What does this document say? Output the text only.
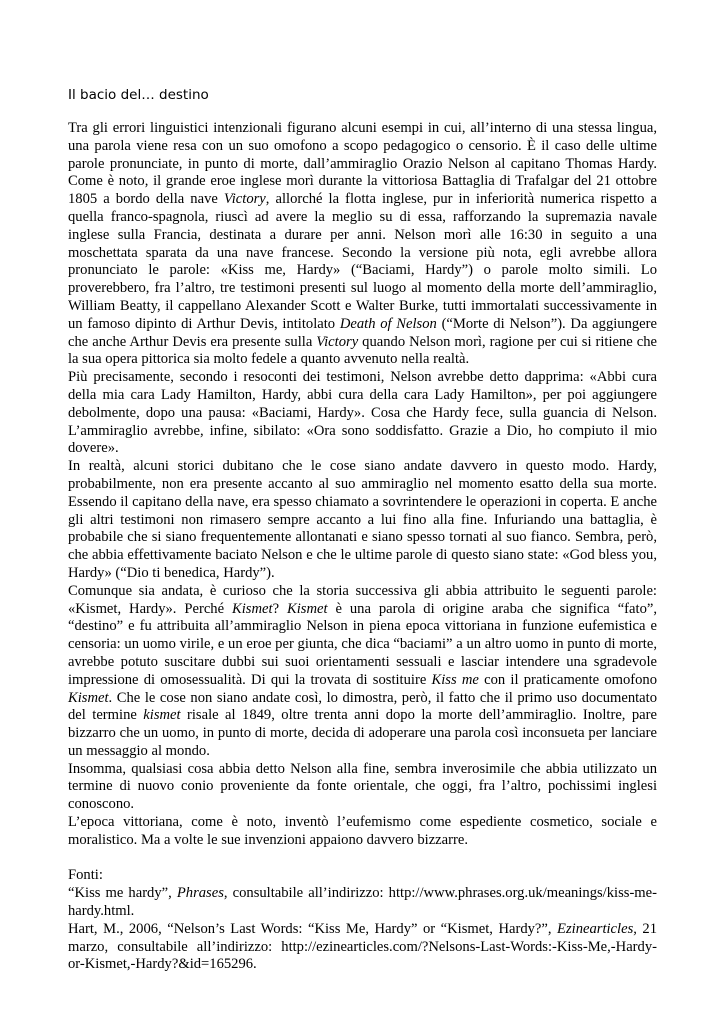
Il bacio del… destino

Tra gli errori linguistici intenzionali figurano alcuni esempi in cui, all’interno di una stessa lingua, una parola viene resa con un suo omofono a scopo pedagogico o censorio. È il caso delle ultime parole pronunciate, in punto di morte, dall’ammiraglio Orazio Nelson al capitano Thomas Hardy. Come è noto, il grande eroe inglese morì durante la vittoriosa Battaglia di Trafalgar del 21 ottobre 1805 a bordo della nave Victory, allorché la flotta inglese, pur in inferiorità numerica rispetto a quella franco-spagnola, riuscì ad avere la meglio su di essa, rafforzando la supremazia navale inglese sulla Francia, destinata a durare per anni. Nelson morì alle 16:30 in seguito a una moschettata sparata da una nave francese. Secondo la versione più nota, egli avrebbe allora pronunciato le parole: «Kiss me, Hardy» (“Baciami, Hardy”) o parole molto simili. Lo proverebbero, fra l’altro, tre testimoni presenti sul luogo al momento della morte dell’ammiraglio, William Beatty, il cappellano Alexander Scott e Walter Burke, tutti immortalati successivamente in un famoso dipinto di Arthur Devis, intitolato Death of Nelson (“Morte di Nelson”). Da aggiungere che anche Arthur Devis era presente sulla Victory quando Nelson morì, ragione per cui si ritiene che la sua opera pittorica sia molto fedele a quanto avvenuto nella realtà.

Più precisamente, secondo i resoconti dei testimoni, Nelson avrebbe detto dapprima: «Abbi cura della mia cara Lady Hamilton, Hardy, abbi cura della cara Lady Hamilton», per poi aggiungere debolmente, dopo una pausa: «Baciami, Hardy». Cosa che Hardy fece, sulla guancia di Nelson. L’ammiraglio avrebbe, infine, sibilato: «Ora sono soddisfatto. Grazie a Dio, ho compiuto il mio dovere».

In realtà, alcuni storici dubitano che le cose siano andate davvero in questo modo. Hardy, probabilmente, non era presente accanto al suo ammiraglio nel momento esatto della sua morte. Essendo il capitano della nave, era spesso chiamato a sovrintendere le operazioni in coperta. E anche gli altri testimoni non rimasero sempre accanto a lui fino alla fine. Infuriando una battaglia, è probabile che si siano frequentemente allontanati e siano spesso tornati al suo fianco. Sembra, però, che abbia effettivamente baciato Nelson e che le ultime parole di questo siano state: «God bless you, Hardy» (“Dio ti benedica, Hardy”).

Comunque sia andata, è curioso che la storia successiva gli abbia attribuito le seguenti parole: «Kismet, Hardy». Perché Kismet? Kismet è una parola di origine araba che significa “fato”, “destino” e fu attribuita all’ammiraglio Nelson in piena epoca vittoriana in funzione eufemistica e censoria: un uomo virile, e un eroe per giunta, che dica “baciami” a un altro uomo in punto di morte, avrebbe potuto suscitare dubbi sui suoi orientamenti sessuali e lasciar intendere una sgradevole impressione di omosessualità. Di qui la trovata di sostituire Kiss me con il praticamente omofono Kismet. Che le cose non siano andate così, lo dimostra, però, il fatto che il primo uso documentato del termine kismet risale al 1849, oltre trenta anni dopo la morte dell’ammiraglio. Inoltre, pare bizzarro che un uomo, in punto di morte, decida di adoperare una parola così inconsueta per lanciare un messaggio al mondo.

Insomma, qualsiasi cosa abbia detto Nelson alla fine, sembra inverosimile che abbia utilizzato un termine di nuovo conio proveniente da fonte orientale, che oggi, fra l’altro, pochissimi inglesi conoscono.

L’epoca vittoriana, come è noto, inventò l’eufemismo come espediente cosmetico, sociale e moralistico. Ma a volte le sue invenzioni appaiono davvero bizzarre.

Fonti:

“Kiss me hardy”, Phrases, consultabile all’indirizzo: http://www.phrases.org.uk/meanings/kiss-me-hardy.html.

Hart, M., 2006, “Nelson’s Last Words: “Kiss Me, Hardy” or “Kismet, Hardy?”, Ezinearticles, 21 marzo, consultabile all’indirizzo: http://ezinearticles.com/?Nelsons-Last-Words:-Kiss-Me,-Hardy-or-Kismet,-Hardy?&id=165296.
